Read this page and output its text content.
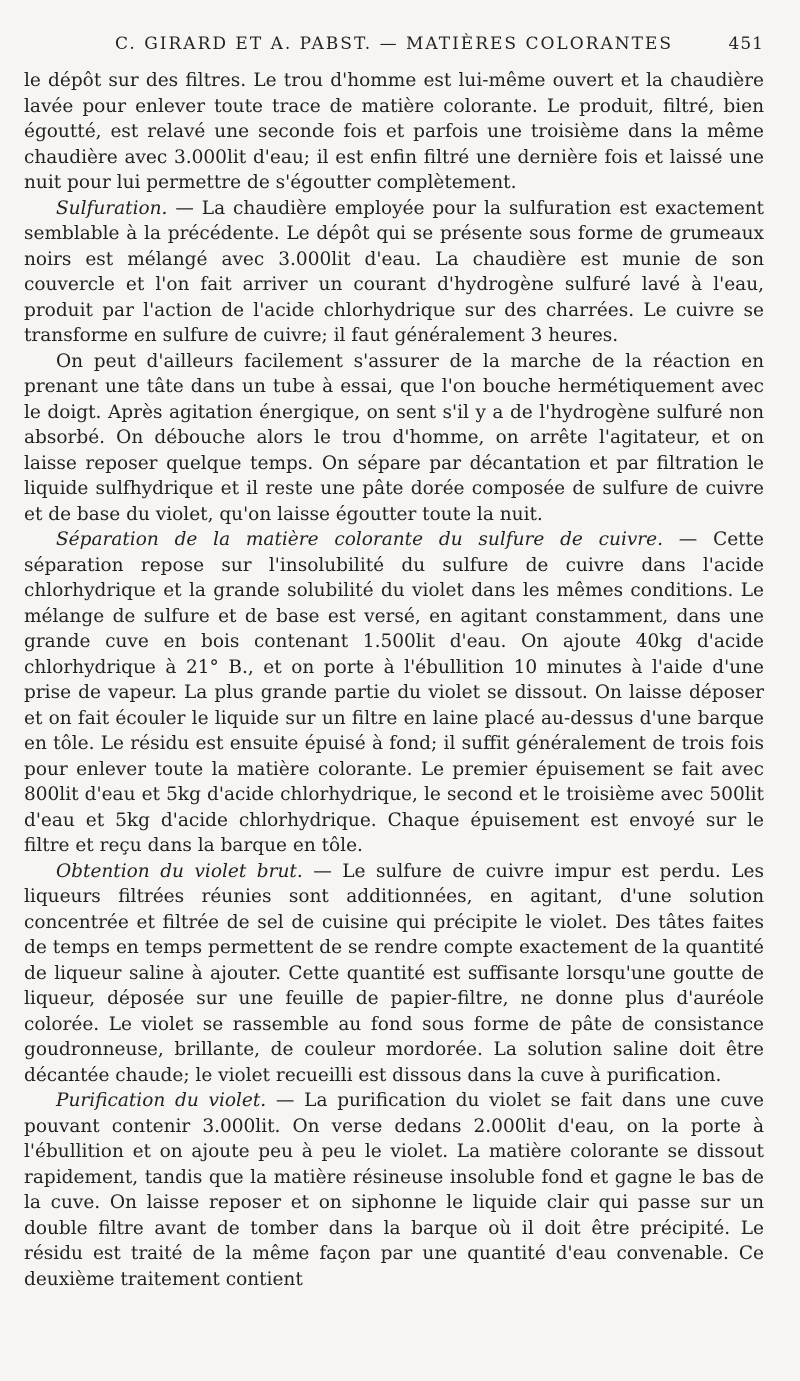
C. GIRARD ET A. PABST. — MATIÈRES COLORANTES	451

le dépôt sur des filtres. Le trou d'homme est lui-même ouvert et la chaudière lavée pour enlever toute trace de matière colorante. Le produit, filtré, bien égoutté, est relavé une seconde fois et parfois une troisième dans la même chaudière avec 3.000lit d'eau; il est enfin filtré une dernière fois et laissé une nuit pour lui permettre de s'égoutter complètement.

Sulfuration. — La chaudière employée pour la sulfuration est exactement semblable à la précédente. Le dépôt qui se présente sous forme de grumeaux noirs est mélangé avec 3.000lit d'eau. La chaudière est munie de son couvercle et l'on fait arriver un courant d'hydrogène sulfuré lavé à l'eau, produit par l'action de l'acide chlorhydrique sur des charrées. Le cuivre se transforme en sulfure de cuivre; il faut généralement 3 heures.

On peut d'ailleurs facilement s'assurer de la marche de la réaction en prenant une tâte dans un tube à essai, que l'on bouche hermétiquement avec le doigt. Après agitation énergique, on sent s'il y a de l'hydrogène sulfuré non absorbé. On débouche alors le trou d'homme, on arrête l'agitateur, et on laisse reposer quelque temps. On sépare par décantation et par filtration le liquide sulfhydrique et il reste une pâte dorée composée de sulfure de cuivre et de base du violet, qu'on laisse égoutter toute la nuit.

Séparation de la matière colorante du sulfure de cuivre. — Cette séparation repose sur l'insolubilité du sulfure de cuivre dans l'acide chlorhydrique et la grande solubilité du violet dans les mêmes conditions. Le mélange de sulfure et de base est versé, en agitant constamment, dans une grande cuve en bois contenant 1.500lit d'eau. On ajoute 40kg d'acide chlorhydrique à 21° B., et on porte à l'ébullition 10 minutes à l'aide d'une prise de vapeur. La plus grande partie du violet se dissout. On laisse déposer et on fait écouler le liquide sur un filtre en laine placé au-dessus d'une barque en tôle. Le résidu est ensuite épuisé à fond; il suffit généralement de trois fois pour enlever toute la matière colorante. Le premier épuisement se fait avec 800lit d'eau et 5kg d'acide chlorhydrique, le second et le troisième avec 500lit d'eau et 5kg d'acide chlorhydrique. Chaque épuisement est envoyé sur le filtre et reçu dans la barque en tôle.

Obtention du violet brut. — Le sulfure de cuivre impur est perdu. Les liqueurs filtrées réunies sont additionnées, en agitant, d'une solution concentrée et filtrée de sel de cuisine qui précipite le violet. Des tâtes faites de temps en temps permettent de se rendre compte exactement de la quantité de liqueur saline à ajouter. Cette quantité est suffisante lorsqu'une goutte de liqueur, déposée sur une feuille de papier-filtre, ne donne plus d'auréole colorée. Le violet se rassemble au fond sous forme de pâte de consistance goudronneuse, brillante, de couleur mordorée. La solution saline doit être décantée chaude; le violet recueilli est dissous dans la cuve à purification.

Purification du violet. — La purification du violet se fait dans une cuve pouvant contenir 3.000lit. On verse dedans 2.000lit d'eau, on la porte à l'ébullition et on ajoute peu à peu le violet. La matière colorante se dissout rapidement, tandis que la matière résineuse insoluble fond et gagne le bas de la cuve. On laisse reposer et on siphonne le liquide clair qui passe sur un double filtre avant de tomber dans la barque où il doit être précipité. Le résidu est traité de la même façon par une quantité d'eau convenable. Ce deuxième traitement contient
